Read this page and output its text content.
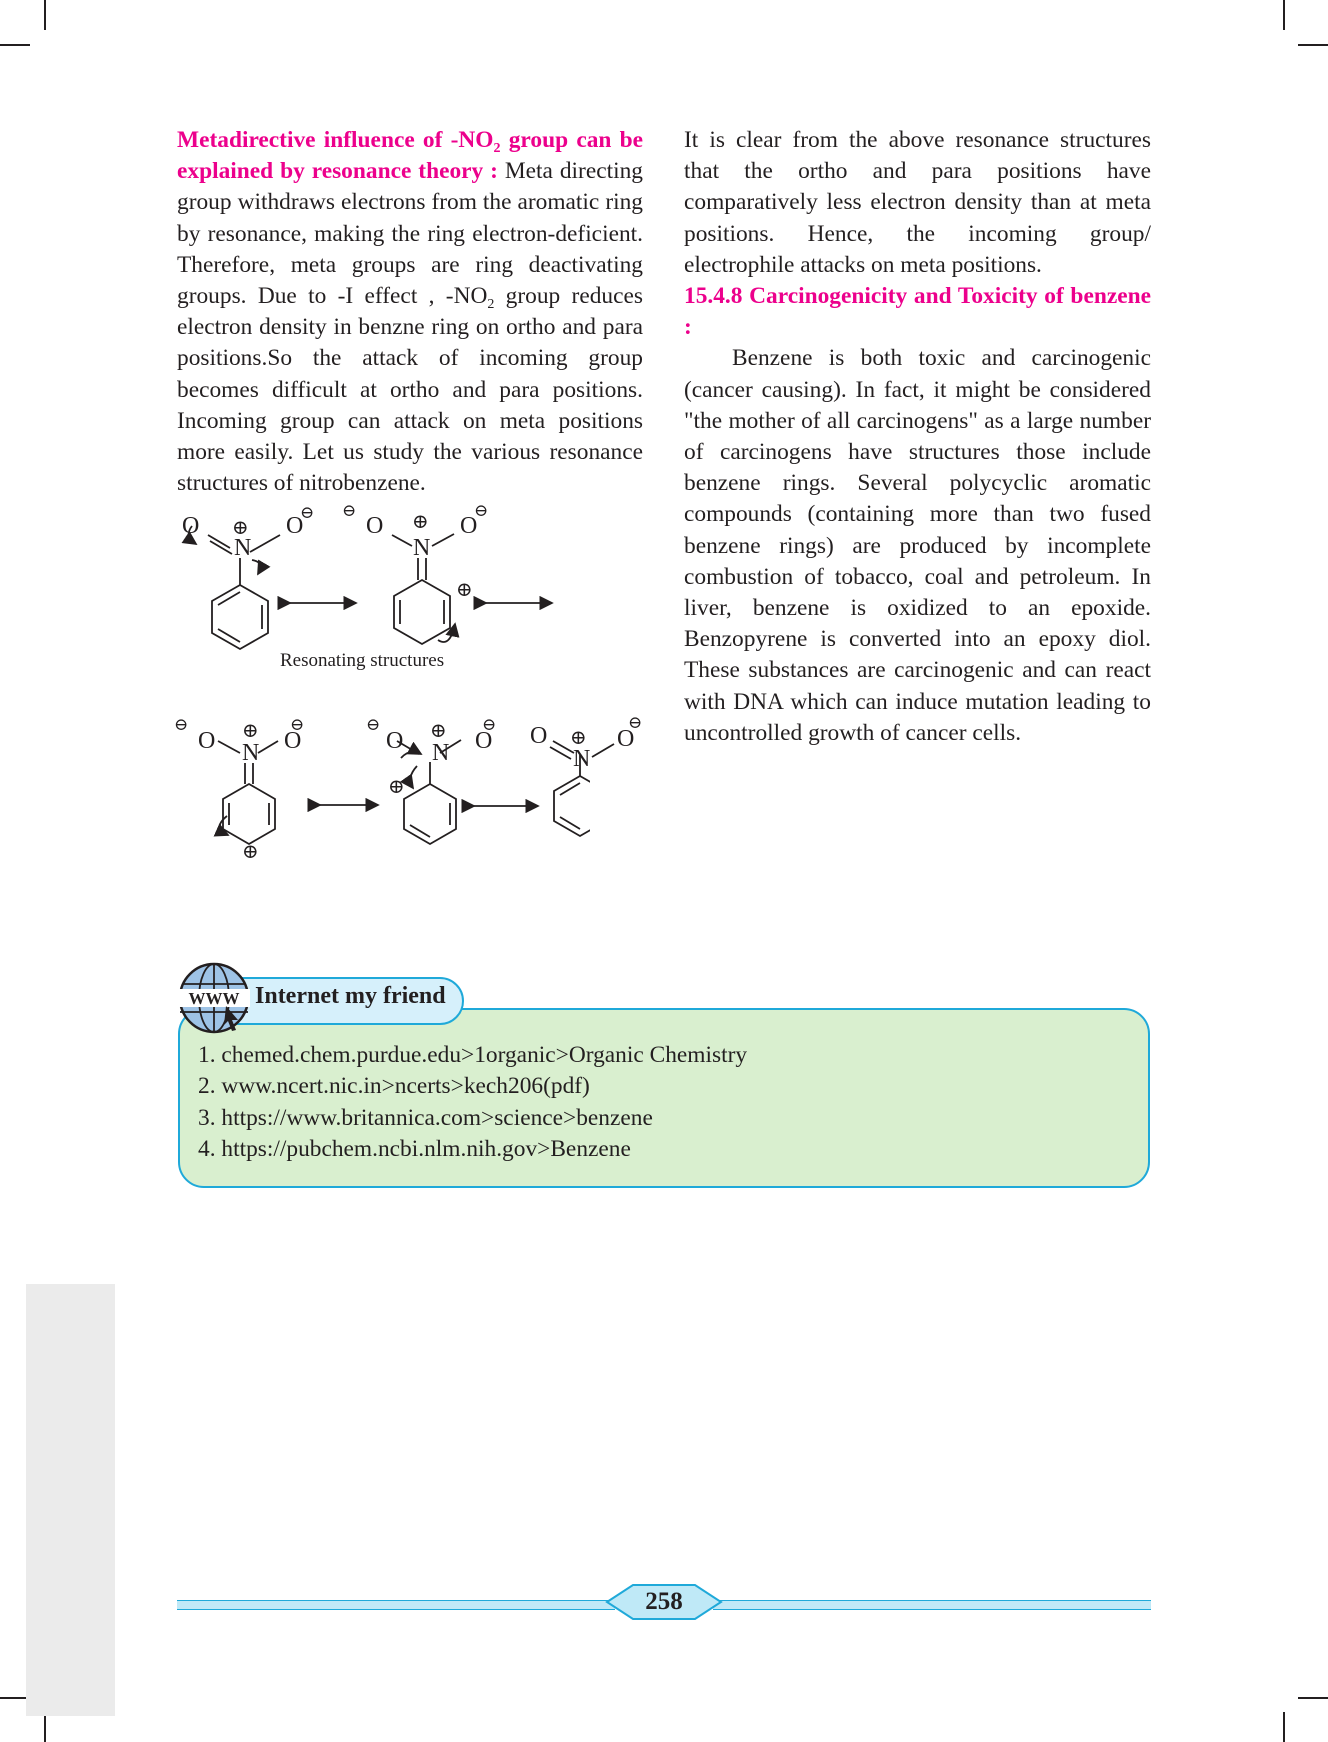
Metadirective influence of $-NO_2$ group can be explained by resonance theory : Meta directing group withdraws electrons from the aromatic ring by resonance, making the ring electron-deficient. Therefore, meta groups are ring deactivating groups. Due to -I effect , $-NO_2$ group reduces electron density in benzne ring on ortho and para positions.So the attack of incoming group becomes difficult at ortho and para positions. Incoming group can attack on meta positions more easily. Let us study the various resonance structures of nitrobenzene.

O
N
O
⊕
⊖
O
N
O
⊕
⊖	⊖
⊕
O N O
⊕
⊖	⊖
⊕
O N O
⊕
⊖	⊖
⊕
O
N
O
⊕
⊖
Resonating structures

It is clear from the above resonance structures that the ortho and para positions have comparatively less electron density than at meta positions. Hence, the incoming group/ electrophile attacks on meta positions.

15.4.8 Carcinogenicity and Toxicity of benzene :

Benzene is both toxic and carcinogenic (cancer causing). In fact, it might be considered "the mother of all carcinogens" as a large number of carcinogens have structures those include benzene rings. Several polycyclic aromatic compounds (containing more than two fused benzene rings) are produced by incomplete combustion of tobacco, coal and petroleum. In liver, benzene is oxidized to an epoxide. Benzopyrene is converted into an epoxy diol. These substances are carcinogenic and can react with DNA which can induce mutation leading to uncontrolled growth of cancer cells.

WWW Internet my friend
1. chemed.chem.purdue.edu>1organic>Organic Chemistry
2. www.ncert.nic.in>ncerts>kech206(pdf)
3. https://www.britannica.com>science>benzene
4. https://pubchem.ncbi.nlm.nih.gov>Benzene
258
